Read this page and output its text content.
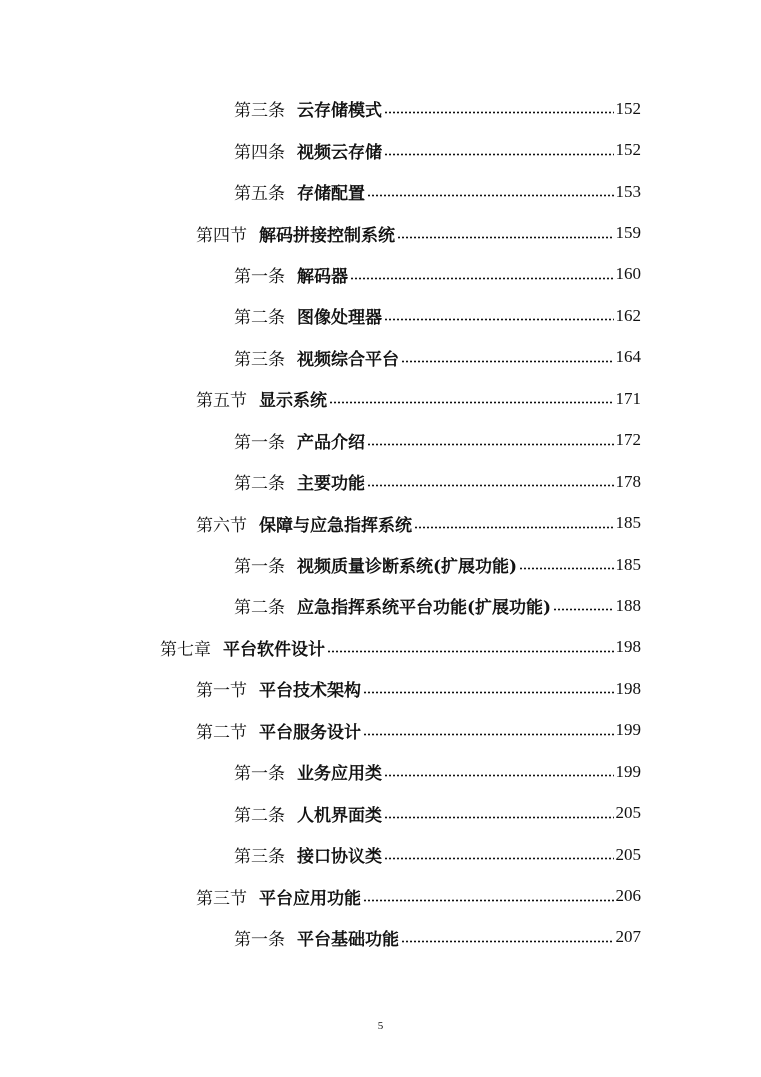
第三条 云存储模式	152
第四条 视频云存储	152
第五条 存储配置	153
第四节 解码拼接控制系统	159
第一条 解码器	160
第二条 图像处理器	162
第三条 视频综合平台	164
第五节 显示系统	171
第一条 产品介绍	172
第二条 主要功能	178
第六节 保障与应急指挥系统	185
第一条 视频质量诊断系统(扩展功能)	185
第二条 应急指挥系统平台功能(扩展功能)	188
第七章 平台软件设计	198
第一节 平台技术架构	198
第二节 平台服务设计	199
第一条 业务应用类	199
第二条 人机界面类	205
第三条 接口协议类	205
第三节 平台应用功能	206
第一条 平台基础功能	207
5
